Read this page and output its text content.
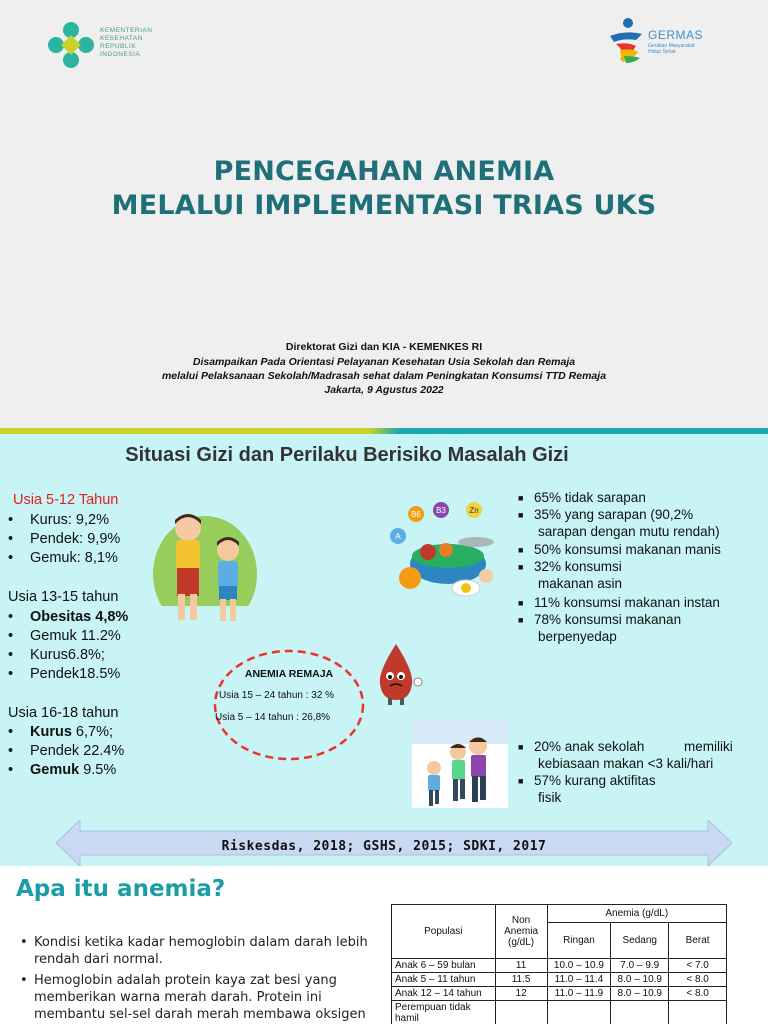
KEMENTERIAN
KESEHATAN
REPUBLIK
INDONESIA
GERMAS
Gerakan Masyarakat
Hidup Sehat
PENCEGAHAN ANEMIA
MELALUI IMPLEMENTASI TRIAS UKS
Direktorat Gizi dan KIA - KEMENKES RI
Disampaikan Pada Orientasi Pelayanan Kesehatan Usia Sekolah dan Remaja
melalui Pelaksanaan Sekolah/Madrasah sehat dalam Peningkatan Konsumsi TTD Remaja
Jakarta, 9 Agustus 2022
Situasi Gizi dan Perilaku Berisiko Masalah Gizi
Usia 5-12 Tahun
• Kurus: 9,2%
• Pendek: 9,9%
• Gemuk: 8,1%
Usia 13-15 tahun
• Obesitas 4,8%
• Gemuk 11.2%
• Kurus6.8%;
• Pendek18.5%
Usia 16-18 tahun
• Kurus 6,7%;
• Pendek 22.4%
• Gemuk 9.5%
B6 B3	Zn
A
■ 65% tidak sarapan
■ 35% yang sarapan (90,2%
sarapan dengan mutu rendah)
■ 50% konsumsi makanan manis
■ 32% konsumsi
makanan asin
■ 11% konsumsi makanan instan
■ 78% konsumsi makanan
berpenyedap
ANEMIA REMAJA
Usia 15 – 24 tahun : 32 %
Usia 5 – 14 tahun : 26,8%
■ 20% anak sekolah	memiliki
kebiasaan makan <3 kali/hari
■ 57% kurang aktifitas
fisik
Riskesdas, 2018; GSHS, 2015; SDKI, 2017
Apa itu anemia?
• Kondisi ketika kadar hemoglobin dalam darah lebih rendah dari normal.
• Hemoglobin adalah protein kaya zat besi yang memberikan warna merah darah. Protein ini membantu sel-sel darah merah membawa oksigen
Populasi	Non Anemia (g/dL)	Anemia (g/dL)		
		Ringan	Sedang	Berat
Anak 6 – 59 bulan	11	10.0 – 10.9	7.0 – 9.9	< 7.0
Anak 5 – 11 tahun	11.5	11.0 – 11.4	8.0 – 10.9	< 8.0
Anak 12 – 14 tahun	12	11.0 – 11.9	8.0 – 10.9	< 8.0
Perempuan tidak hamil				
